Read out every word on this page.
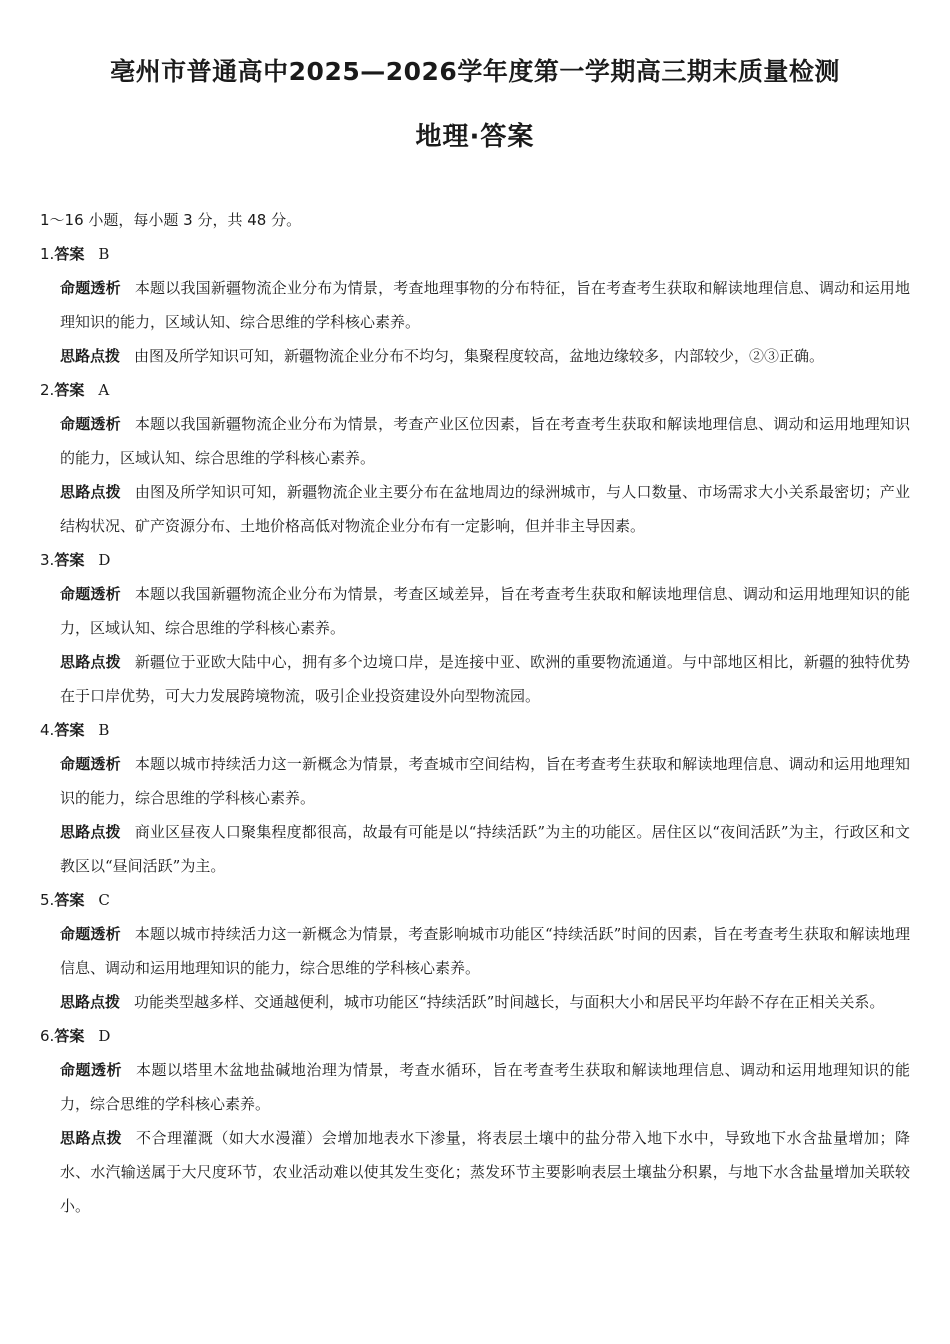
亳州市普通高中2025—2026学年度第一学期高三期末质量检测
地理·答案
1～16 小题，每小题 3 分，共 48 分。
1.答案 B
命题透析 本题以我国新疆物流企业分布为情景，考查地理事物的分布特征，旨在考查考生获取和解读地理信息、调动和运用地理知识的能力，区域认知、综合思维的学科核心素养。
思路点拨 由图及所学知识可知，新疆物流企业分布不均匀，集聚程度较高，盆地边缘较多，内部较少，②③正确。
2.答案 A
命题透析 本题以我国新疆物流企业分布为情景，考查产业区位因素，旨在考查考生获取和解读地理信息、调动和运用地理知识的能力，区域认知、综合思维的学科核心素养。
思路点拨 由图及所学知识可知，新疆物流企业主要分布在盆地周边的绿洲城市，与人口数量、市场需求大小关系最密切；产业结构状况、矿产资源分布、土地价格高低对物流企业分布有一定影响，但并非主导因素。
3.答案 D
命题透析 本题以我国新疆物流企业分布为情景，考查区域差异，旨在考查考生获取和解读地理信息、调动和运用地理知识的能力，区域认知、综合思维的学科核心素养。
思路点拨 新疆位于亚欧大陆中心，拥有多个边境口岸，是连接中亚、欧洲的重要物流通道。与中部地区相比，新疆的独特优势在于口岸优势，可大力发展跨境物流，吸引企业投资建设外向型物流园。
4.答案 B
命题透析 本题以城市持续活力这一新概念为情景，考查城市空间结构，旨在考查考生获取和解读地理信息、调动和运用地理知识的能力，综合思维的学科核心素养。
思路点拨 商业区昼夜人口聚集程度都很高，故最有可能是以“持续活跃”为主的功能区。居住区以“夜间活跃”为主，行政区和文教区以“昼间活跃”为主。
5.答案 C
命题透析 本题以城市持续活力这一新概念为情景，考查影响城市功能区“持续活跃”时间的因素，旨在考查考生获取和解读地理信息、调动和运用地理知识的能力，综合思维的学科核心素养。
思路点拨 功能类型越多样、交通越便利，城市功能区“持续活跃”时间越长，与面积大小和居民平均年龄不存在正相关关系。
6.答案 D
命题透析 本题以塔里木盆地盐碱地治理为情景，考查水循环，旨在考查考生获取和解读地理信息、调动和运用地理知识的能力，综合思维的学科核心素养。
思路点拨 不合理灌溉（如大水漫灌）会增加地表水下渗量，将表层土壤中的盐分带入地下水中，导致地下水含盐量增加；降水、水汽输送属于大尺度环节，农业活动难以使其发生变化；蒸发环节主要影响表层土壤盐分积累，与地下水含盐量增加关联较小。
